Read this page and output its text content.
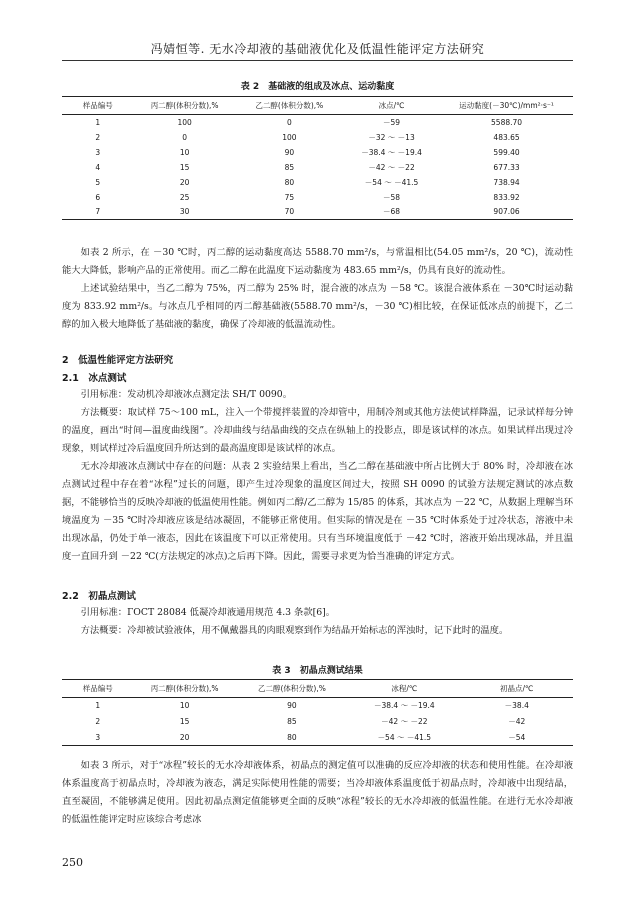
冯婧恒等. 无水冷却液的基础液优化及低温性能评定方法研究
表 2　基础液的组成及冰点、运动黏度
样品编号	丙二醇(体积分数),%	乙二醇(体积分数),%	冰点/℃	运动黏度(－30℃)/mm²·s⁻¹
1	100	0	－59	5588.70
2	0	100	－32 ～ －13	483.65
3	10	90	－38.4 ～ －19.4	599.40
4	15	85	－42 ～ －22	677.33
5	20	80	－54 ～ －41.5	738.94
6	25	75	－58	833.92
7	30	70	－68	907.06

如表 2 所示，在 －30 ℃时，丙二醇的运动黏度高达 5588.70 mm²/s，与常温相比(54.05 mm²/s，20 ℃)，流动性能大大降低，影响产品的正常使用。而乙二醇在此温度下运动黏度为 483.65 mm²/s，仍具有良好的流动性。

上述试验结果中，当乙二醇为 75%，丙二醇为 25% 时，混合液的冰点为 －58 ℃。该混合液体系在 －30℃时运动黏度为 833.92 mm²/s。与冰点几乎相同的丙二醇基础液(5588.70 mm²/s，－30 ℃)相比较，在保证低冰点的前提下，乙二醇的加入极大地降低了基础液的黏度，确保了冷却液的低温流动性。

2　低温性能评定方法研究
2.1　冰点测试

引用标准：发动机冷却液冰点测定法 SH/T 0090。

方法概要：取试样 75～100 mL，注入一个带搅拌装置的冷却管中，用制冷剂或其他方法使试样降温，记录试样每分钟的温度，画出“时间—温度曲线图”。冷却曲线与结晶曲线的交点在纵轴上的投影点，即是该试样的冰点。如果试样出现过冷现象，则试样过冷后温度回升所达到的最高温度即是该试样的冰点。

无水冷却液冰点测试中存在的问题：从表 2 实验结果上看出，当乙二醇在基础液中所占比例大于 80% 时，冷却液在冰点测试过程中存在着“冰程”过长的问题，即产生过冷现象的温度区间过大，按照 SH 0090 的试验方法规定测试的冰点数据，不能够恰当的反映冷却液的低温使用性能。例如丙二醇/乙二醇为 15/85 的体系，其冰点为 －22 ℃，从数据上理解当环境温度为 －35 ℃时冷却液应该是结冰凝固，不能够正常使用。但实际的情况是在 －35 ℃时体系处于过冷状态，溶液中未出现冰晶，仍处于单一液态，因此在该温度下可以正常使用。只有当环境温度低于 －42 ℃时，溶液开始出现冰晶，并且温度一直回升到 －22 ℃(方法规定的冰点)之后再下降。因此，需要寻求更为恰当准确的评定方式。

2.2　初晶点测试

引用标准：ГОСТ 28084 低凝冷却液通用规范 4.3 条款[6]。

方法概要：冷却被试验液体，用不佩戴器具的肉眼观察到作为结晶开始标志的浑浊时，记下此时的温度。

表 3　初晶点测试结果
样品编号	丙二醇(体积分数),%	乙二醇(体积分数),%	冰程/℃	初晶点/℃
1	10	90	－38.4 ～ －19.4	－38.4
2	15	85	－42 ～ －22	－42
3	20	80	－54 ～ －41.5	－54

如表 3 所示，对于“冰程”较长的无水冷却液体系，初晶点的测定值可以准确的反应冷却液的状态和使用性能。在冷却液体系温度高于初晶点时，冷却液为液态，满足实际使用性能的需要；当冷却液体系温度低于初晶点时，冷却液中出现结晶，直至凝固，不能够满足使用。因此初晶点测定值能够更全面的反映“冰程”较长的无水冷却液的低温性能。在进行无水冷却液的低温性能评定时应该综合考虑冰

250
